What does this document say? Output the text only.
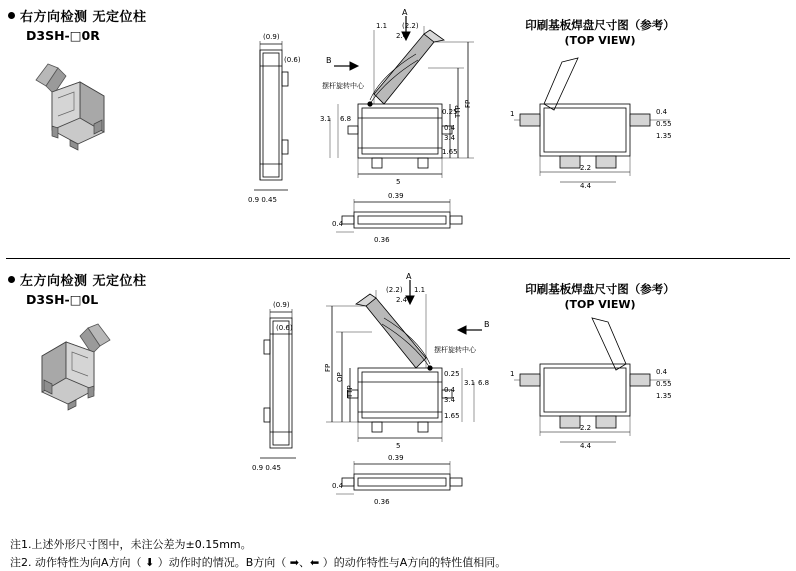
右方向检测 无定位柱
D3SH-□0R
印刷基板焊盘尺寸图（参考）
(TOP VIEW)
(0.9)
(0.6)
0.9 0.45
A
B
1.1 (2.2)
2.4
3.1 6.8
0.25
0.4
3.4
1.65
5
FP
TTP
摆杆旋转中心
0.39
0.4
0.36
2.2
4.4
1	0.4
0.55
1.35
左方向检测 无定位柱
D3SH-□0L
印刷基板焊盘尺寸图（参考）
(TOP VIEW)
(0.9)
(0.6)
0.9 0.45
A
B
(2.2) 1.1
2.4
3.1 6.8
0.25
0.4
3.4
1.65
5
FP
OP
TTP
摆杆旋转中心
0.39
0.4
0.36
2.2
4.4
1	0.4
0.55
1.35
注1.上述外形尺寸图中，未注公差为±0.15mm。
注2. 动作特性为向A方向（ ⬇ ）动作时的情况。B方向（ ➡、⬅ ）的动作特性与A方向的特性值相同。
